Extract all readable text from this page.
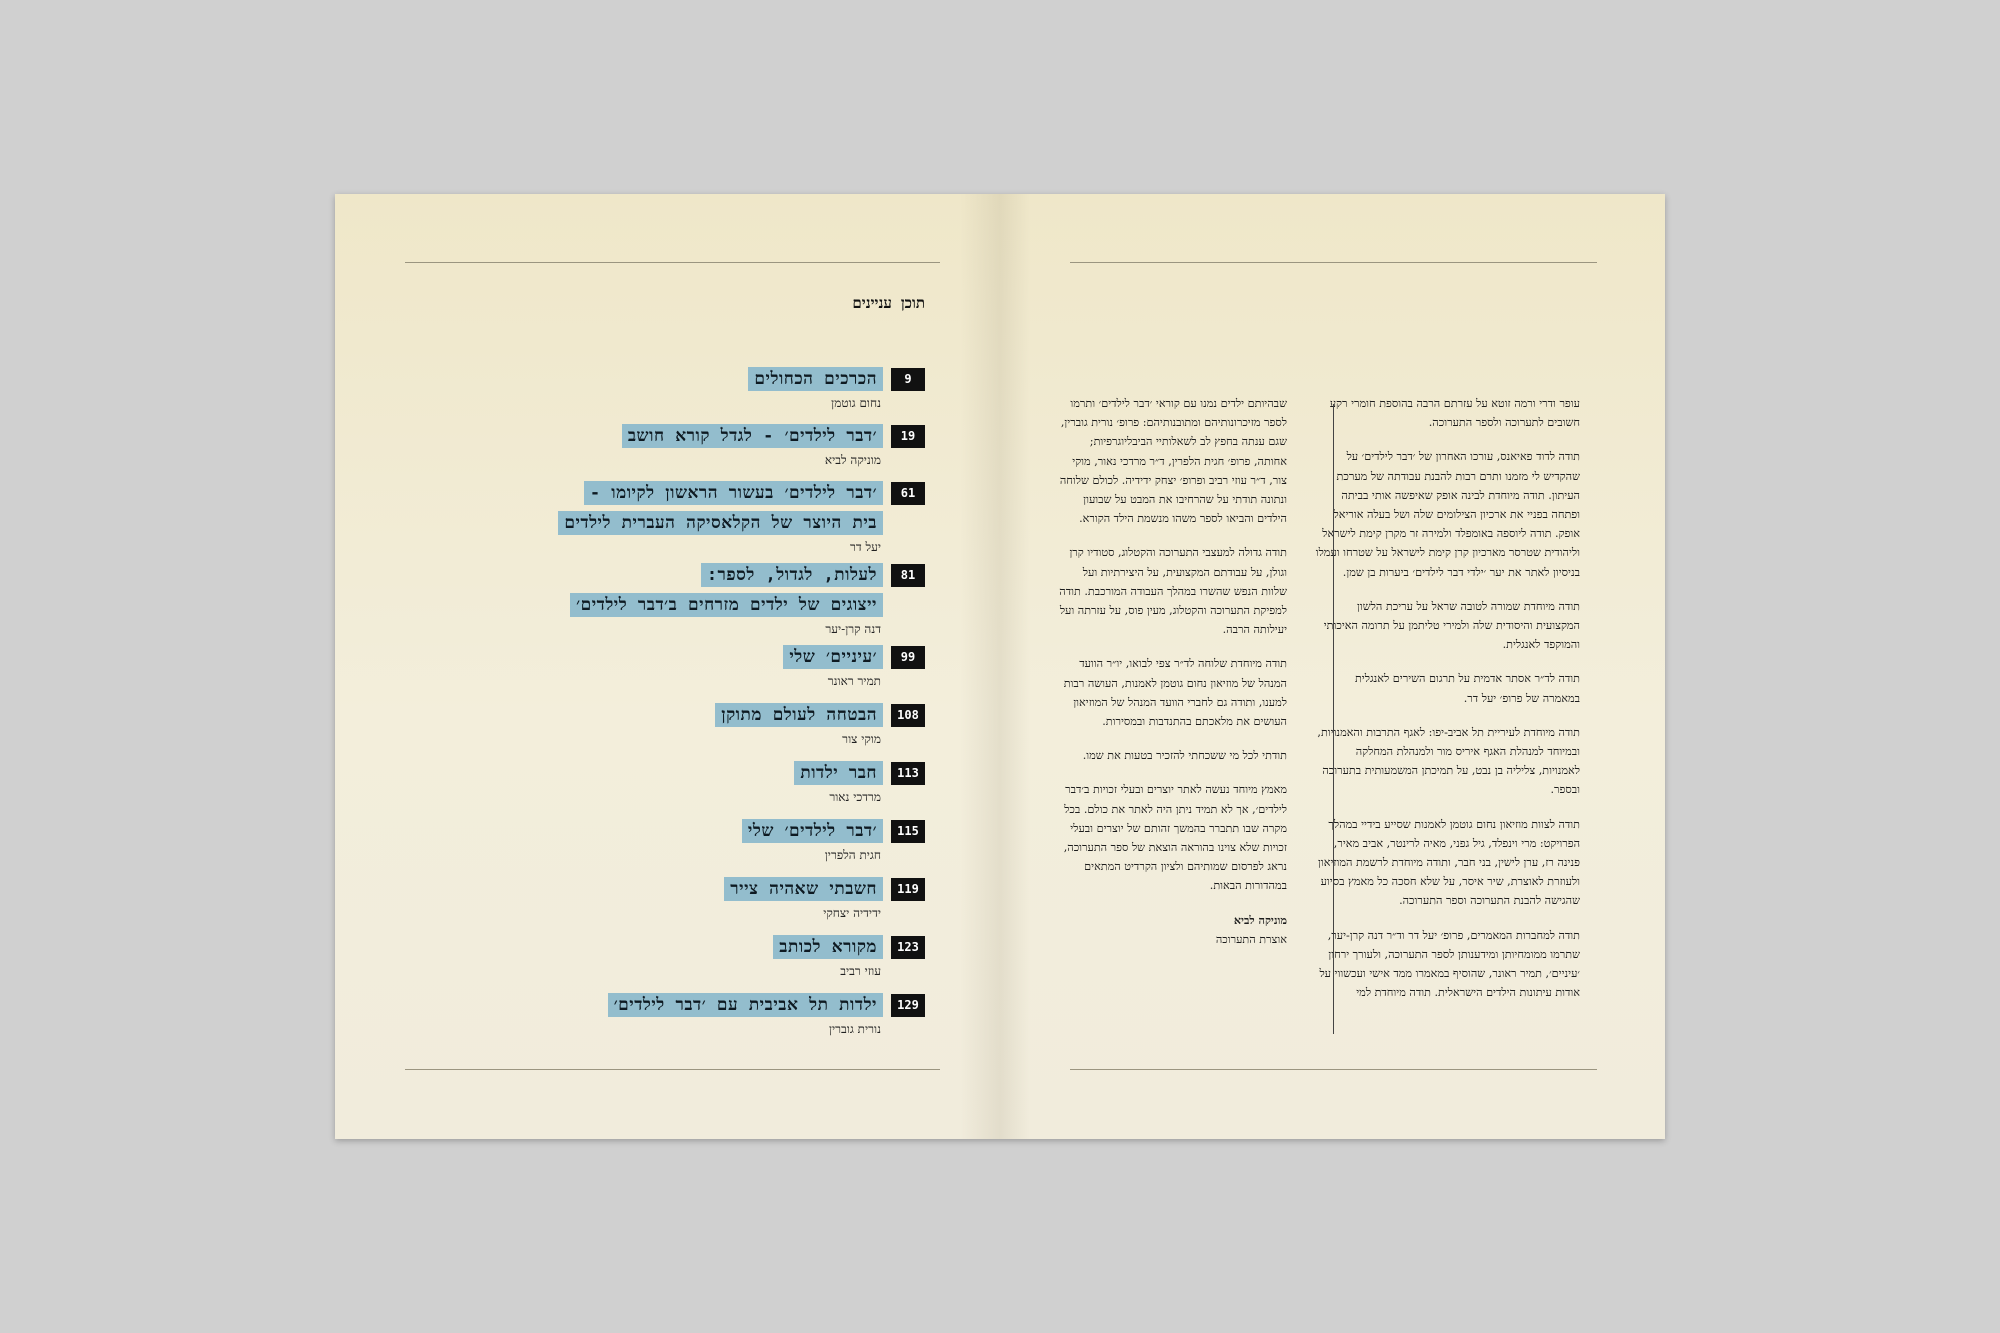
תוכן עניינים
9
הכרכים הכחולים
נחום גוטמן
19
׳דבר לילדים׳ - לגדל קורא חושב
מוניקה לביא
61
׳דבר לילדים׳ בעשור הראשון לקיומו -
בית היוצר של הקלאסיקה העברית לילדים
יעל דר
81
לעלות, לגדול, לספר:
ייצוגים של ילדים מזרחים ב׳דבר לילדים׳
דנה קרן-יער
99
׳עיניים׳ שלי
תמיר ראונר
108
הבטחה לעולם מתוקן
מוקי צור
113
חבר ילדות
מרדכי נאור
115
׳דבר לילדים׳ שלי
חגית הלפרין
119
חשבתי שאהיה צייר
ידידיה יצחקי
123
מקורא לכותב
עוזי רביב
129
ילדות תל אביבית עם ׳דבר לילדים׳
נורית גוברין

עופר ודרי ורמה זוטא על עזרתם הרבה בהוספת חומרי רקע חשובים לתערוכה ולספר התערוכה.

תודה לדוד פאיאנס, עורכו האחרון של ׳דבר לילדים׳ על שהקדיש לי מזמנו ותרם רבות להבנת עבודתה של מערכת העיתון. תודה מיוחדת לבינה אופק שאיפשה אותי בביתה ופתחה בפניי את ארכיון הצילומים שלה ושל בעלה אוריאל אופק. תודה ליוספה באומפלד ולמירה זר מקרן קימת לישראל וליהודית שטרסר מארכיון קרן קימת לישראל על שטרחו ועמלו בניסיון לאתר את יער ׳ילדי דבר לילדים׳ ביערות בן שמן.

תודה מיוחדת שמורה לטובה שראל על עריכת הלשון המקצועית והיסודית שלה ולמירי טליתמן על תרומה האיכותי והמוקפד לאנגלית.

תודה לד״ר אסתר אדמית על תרגום השירים לאנגלית במאמרה של פרופ׳ יעל דר.

תודה מיוחדת לעיריית תל אביב-יפו: לאגף התרבות והאמנויות, ובמיוחד למנהלת האגף איריס מור ולמנהלת המחלקה לאמנויות, צליליה בן נבט, על תמיכתן המשמעותית בתערוכה ובספר.

תודה לצוות מוזיאון נחום גוטמן לאמנות שסייע בידיי במהלך הפרויקט: מרי וינפלד, גיל גפני, מאיה לרינטר, אביב מאיר, פנינה רז, ערן לישין, בני חבר, ותודה מיוחדת לרשמת המוזיאון ולעוזרת לאוצרת, שיר איסר, על שלא חסכה כל מאמץ בסיוע שהגישה להבנת התערוכה וספר התערוכה.

תודה למחברות המאמרים, פרופ׳ יעל דר וד״ר דנה קרן-יער, שתרמו ממומחיותן ומידענותן לספר התערוכה, ולעורך ירחון ׳עיניים׳, תמיר ראונר, שהוסיף במאמרו ממד אישי ועכשווי על אודות עיתונות הילדים הישראלית. תודה מיוחדת למי

שבהיותם ילדים נמנו עם קוראי ׳דבר לילדים׳ ותרמו לספר מזיכרונותיהם ומתובנותיהם: פרופ׳ נורית גוברין, שגם ענתה בחפץ לב לשאלותיי הביבליוגרפיות; אחותה, פרופ׳ חגית הלפרין, ד״ר מרדכי נאור, מוקי צור, ד״ר עוזי רביב ופרופ׳ יצחק ידידיה. לכולם שלוחה ונתונה תודתי על שהרחיבו את המבט על שבועון הילדים והביאו לספר משהו מנשמת הילד הקורא.

תודה גדולה למעצבי התערוכה והקטלוג, סטודיו קרן וגולן, על עבודתם המקצועית, על היצירתיות ועל שלוות הנפש שהשרו במהלך העבודה המורכבת. תודה למפיקת התערוכה והקטלוג, מעין פוס, על עזרתה ועל יעילותה הרבה.

תודה מיוחדת שלוחה לד״ר צפי לבואו, יו״ר הוועד המנהל של מוזיאון נחום גוטמן לאמנות, העושה רבות למענו, ותודה גם לחברי הוועד המנהל של המוזיאון העושים את מלאכתם בהתנדבות ובמסירות.

תודתי לכל מי ששכחתי להזכיר בטעות את שמו.

מאמץ מיוחד נעשה לאתר יוצרים ובעלי זכויות ב׳דבר לילדים׳, אך לא תמיד ניתן היה לאתר את כולם. בכל מקרה שבו תתברר בהמשך זהותם של יוצרים ובעלי זכויות שלא צוינו בהוראה הוצאת של ספר התערוכה, נראג לפרסום שמותיהם ולציון הקרדיט המתאים במהדורות הבאות.

מוניקה לביא
אוצרת התערוכה
